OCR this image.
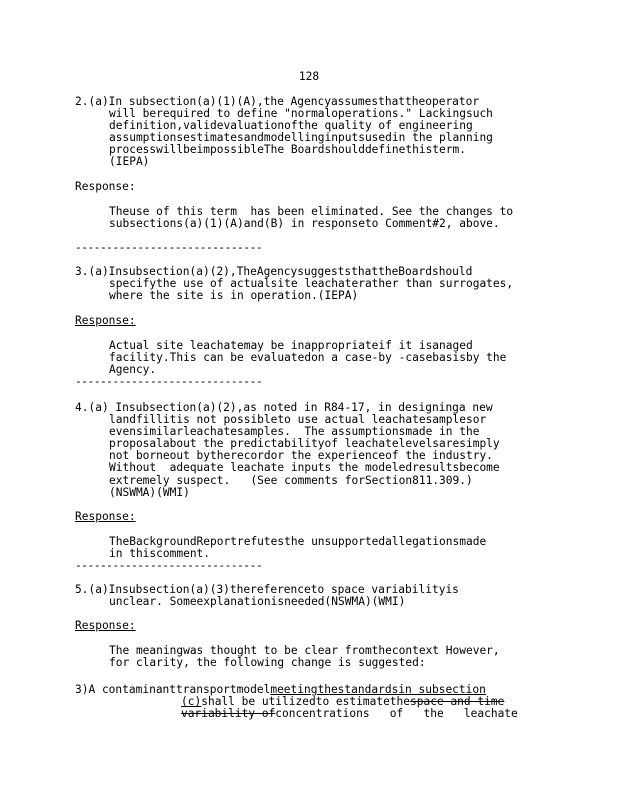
128
2.(a)In subsection(a)(1)(A),the Agencyassumesthattheoperator
will berequired to define "normaloperations." Lackingsuch
definition,validevaluationofthe quality of engineering
assumptionsestimatesandmodellinginputsusedin the planning
processwillbeimpossibleThe Boardshoulddefinethisterm.
(IEPA)
Response:
Theuse of this term  has been eliminated. See the changes to
subsections(a)(1)(A)and(B) in responseto Comment#2, above.
------------------------------
3.(a)Insubsection(a)(2),TheAgencysuggeststhattheBoardshould
specifythe use of actualsite leachaterather than surrogates,
where the site is in operation.(IEPA)
Response:
Actual site leachatemay be inappropriateif it isanaged
facility.This can be evaluatedon a case-by -casebasisby the
Agency.
------------------------------
4.(a) Insubsection(a)(2),as noted in R84-17, in designinga new
landfillitis not possibleto use actual leachatesamplesor
evensimilarleachatesamples.  The assumptionsmade in the
proposalabout the predictabilityof leachatelevelsaresimply
not borneout bytherecordor the experienceof the industry.
Without  adequate leachate inputs the modeledresultsbecome
extremely suspect.   (See comments forSection811.309.)
(NSWMA)(WMI)
Response:
TheBackgroundReportrefutesthe unsupportedallegationsmade
in thiscomment.
------------------------------
5.(a)Insubsection(a)(3)thereferenceto space variabilityis
unclear. Someexplanationisneeded(NSWMA)(WMI)
Response:
The meaningwas thought to be clear fromthecontext However,
for clarity, the following change is suggested:
3)A contaminanttransportmodelmeetingthestandardsin subsection
(c)shall be utilizedto estimatethespace and time
variability ofconcentrations   of   the   leachate
